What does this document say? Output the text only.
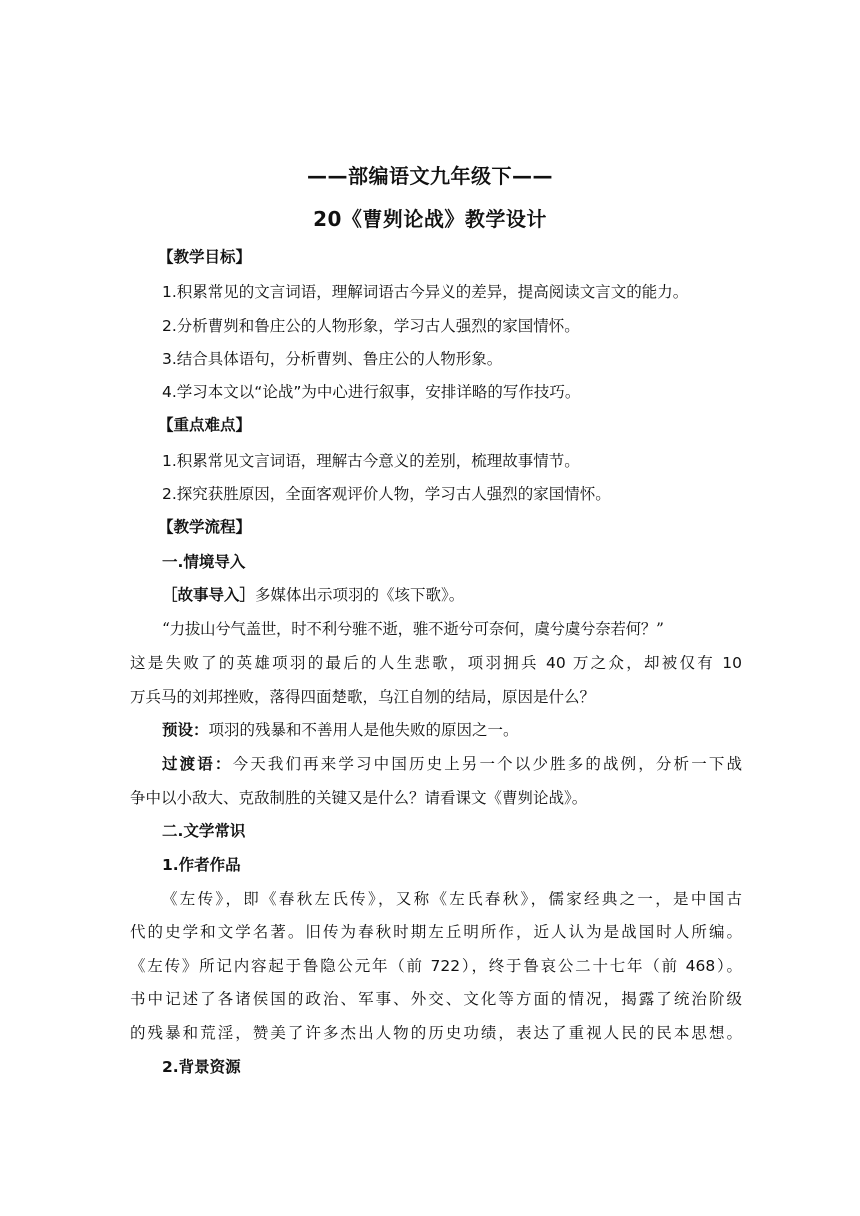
——部编语文九年级下——
20《曹刿论战》教学设计
【教学目标】
1.积累常见的文言词语，理解词语古今异义的差异，提高阅读文言文的能力。
2.分析曹刿和鲁庄公的人物形象，学习古人强烈的家国情怀。
3.结合具体语句，分析曹刿、鲁庄公的人物形象。
4.学习本文以“论战”为中心进行叙事，安排详略的写作技巧。
【重点难点】
1.积累常见文言词语，理解古今意义的差别，梳理故事情节。
2.探究获胜原因，全面客观评价人物，学习古人强烈的家国情怀。
【教学流程】
一.情境导入
［故事导入］多媒体出示项羽的《垓下歌》。
“力拔山兮气盖世，时不利兮骓不逝，骓不逝兮可奈何，虞兮虞兮奈若何？”
这是失败了的英雄项羽的最后的人生悲歌，项羽拥兵 40 万之众，却被仅有 10
万兵马的刘邦挫败，落得四面楚歌，乌江自刎的结局，原因是什么？
预设：项羽的残暴和不善用人是他失败的原因之一。
过渡语：今天我们再来学习中国历史上另一个以少胜多的战例，分析一下战
争中以小敌大、克敌制胜的关键又是什么？请看课文《曹刿论战》。
二.文学常识
1.作者作品
《左传》，即《春秋左氏传》，又称《左氏春秋》，儒家经典之一，是中国古
代的史学和文学名著。旧传为春秋时期左丘明所作，近人认为是战国时人所编。
《左传》所记内容起于鲁隐公元年（前 722），终于鲁哀公二十七年（前 468）。
书中记述了各诸侯国的政治、军事、外交、文化等方面的情况，揭露了统治阶级
的残暴和荒淫，赞美了许多杰出人物的历史功绩，表达了重视人民的民本思想。
2.背景资源
